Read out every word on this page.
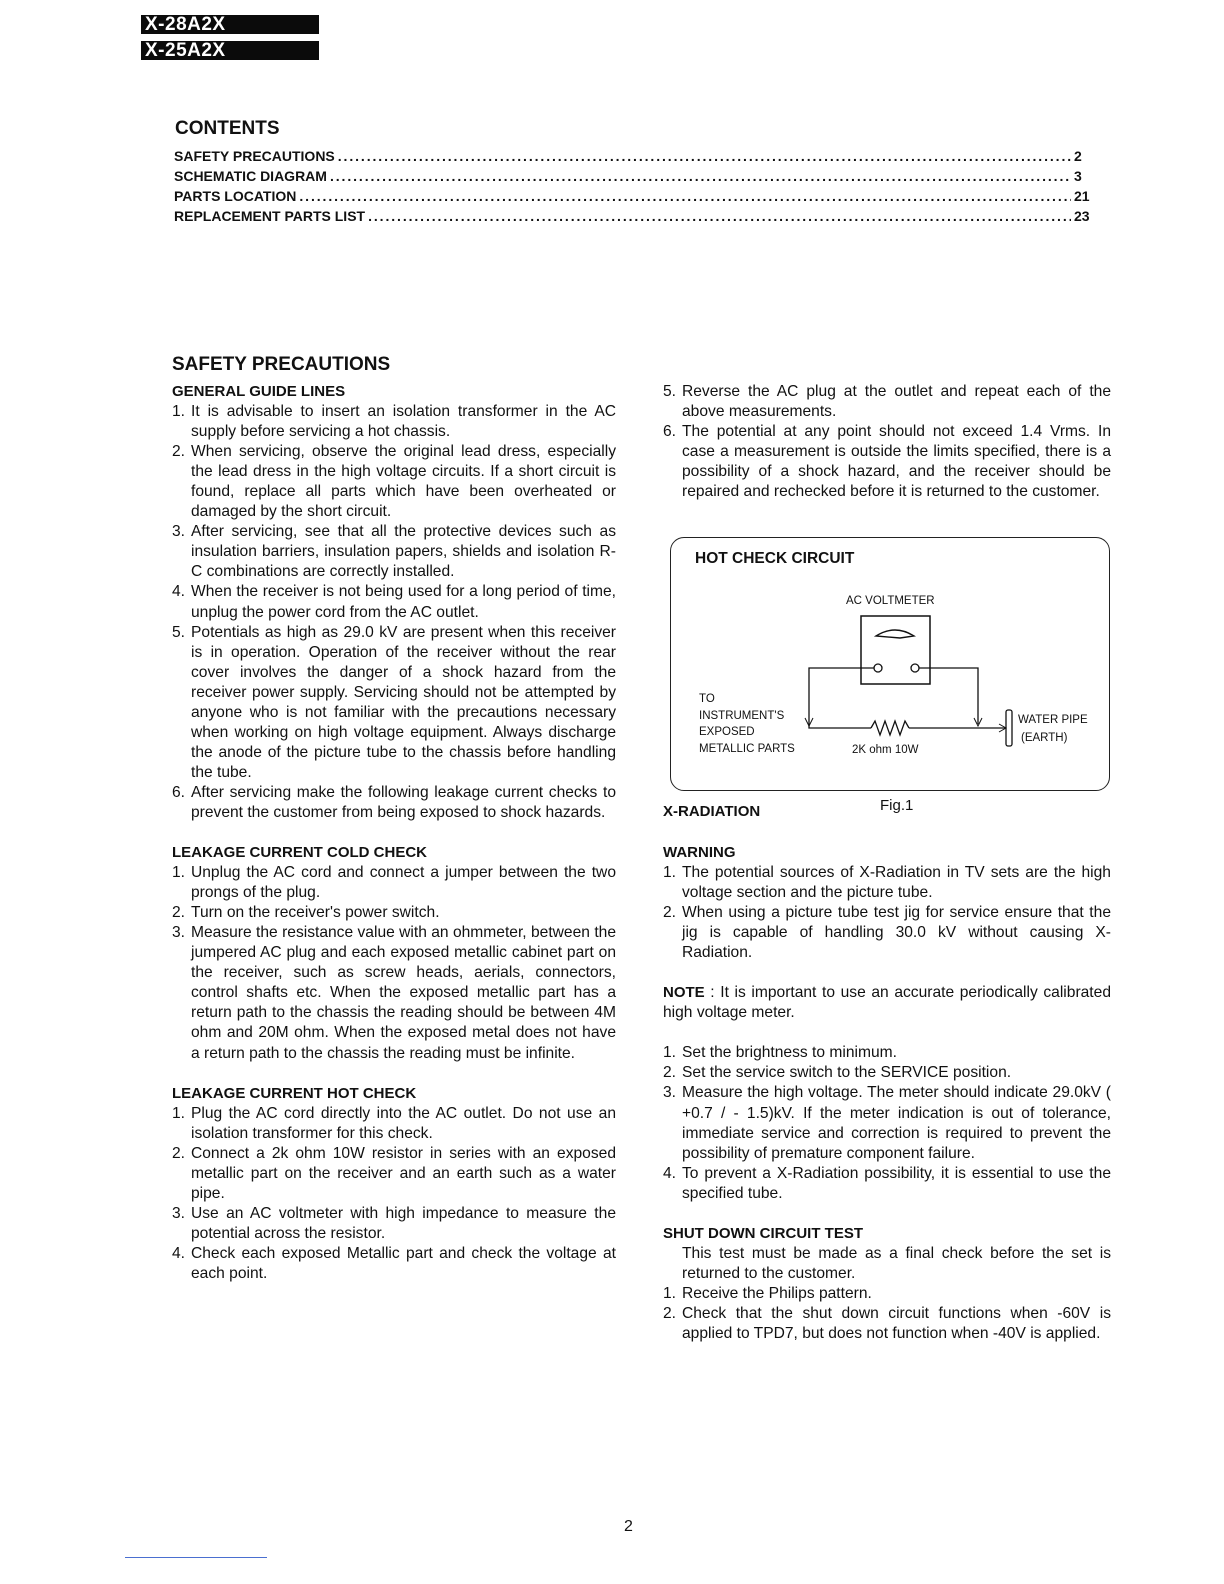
X-28A2X
X-25A2X
CONTENTS
SAFETY PRECAUTIONS .....	2
SCHEMATIC DIAGRAM .....	3
PARTS LOCATION .....	21
REPLACEMENT PARTS LIST .....	23
SAFETY PRECAUTIONS
GENERAL GUIDE LINES
1. It is advisable to insert an isolation transformer in the AC supply before servicing a hot chassis.
2. When servicing, observe the original lead dress, especially the lead dress in the high voltage circuits. If a short circuit is found, replace all parts which have been overheated or damaged by the short circuit.
3. After servicing, see that all the protective devices such as insulation barriers, insulation papers, shields and isolation R-C combinations are correctly installed.
4. When the receiver is not being used for a long period of time, unplug the power cord from the AC outlet.
5. Potentials as high as 29.0 kV are present when this receiver is in operation. Operation of the receiver without the rear cover involves the danger of a shock hazard from the receiver power supply. Servicing should not be attempted by anyone who is not familiar with the precautions necessary when working on high voltage equipment. Always discharge the anode of the picture tube to the chassis before handling the tube.
6. After servicing make the following leakage current checks to prevent the customer from being exposed to shock hazards.
LEAKAGE CURRENT COLD CHECK
1. Unplug the AC cord and connect a jumper between the two prongs of the plug.
2. Turn on the receiver's power switch.
3. Measure the resistance value with an ohmmeter, between the jumpered AC plug and each exposed metallic cabinet part on the receiver, such as screw heads, aerials, connectors, control shafts etc. When the exposed metallic part has a return path to the chassis the reading should be between 4M ohm and 20M ohm. When the exposed metal does not have a return path to the chassis the reading must be infinite.
LEAKAGE CURRENT HOT CHECK
1. Plug the AC cord directly into the AC outlet. Do not use an isolation transformer for this check.
2. Connect a 2k ohm 10W resistor in series with an exposed metallic part on the receiver and an earth such as a water pipe.
3. Use an AC voltmeter with high impedance to measure the potential across the resistor.
4. Check each exposed Metallic part and check the voltage at each point.
5. Reverse the AC plug at the outlet and repeat each of the above measurements.
6. The potential at any point should not exceed 1.4 Vrms. In case a measurement is outside the limits specified, there is a possibility of a shock hazard, and the receiver should be repaired and rechecked before it is returned to the customer.
HOT CHECK CIRCUIT
AC VOLTMETER
TO
INSTRUMENT'S
EXPOSED
METALLIC PARTS	2K ohm 10W
WATER PIPE
(EARTH)
Fig.1
X-RADIATION
WARNING
1. The potential sources of X-Radiation in TV sets are the high voltage section and the picture tube.
2. When using a picture tube test jig for service ensure that the jig is capable of handling 30.0 kV without causing X-Radiation.
NOTE : It is important to use an accurate periodically calibrated high voltage meter.
1. Set the brightness to minimum.
2. Set the service switch to the SERVICE position.
3. Measure the high voltage. The meter should indicate 29.0kV ( +0.7 / - 1.5)kV. If the meter indication is out of tolerance, immediate service and correction is required to prevent the possibility of premature component failure.
4. To prevent a X-Radiation possibility, it is essential to use the specified tube.
SHUT DOWN CIRCUIT TEST
This test must be made as a final check before the set is returned to the customer.
1. Receive the Philips pattern.
2. Check that the shut down circuit functions when -60V is applied to TPD7, but does not function when -40V is applied.
2
